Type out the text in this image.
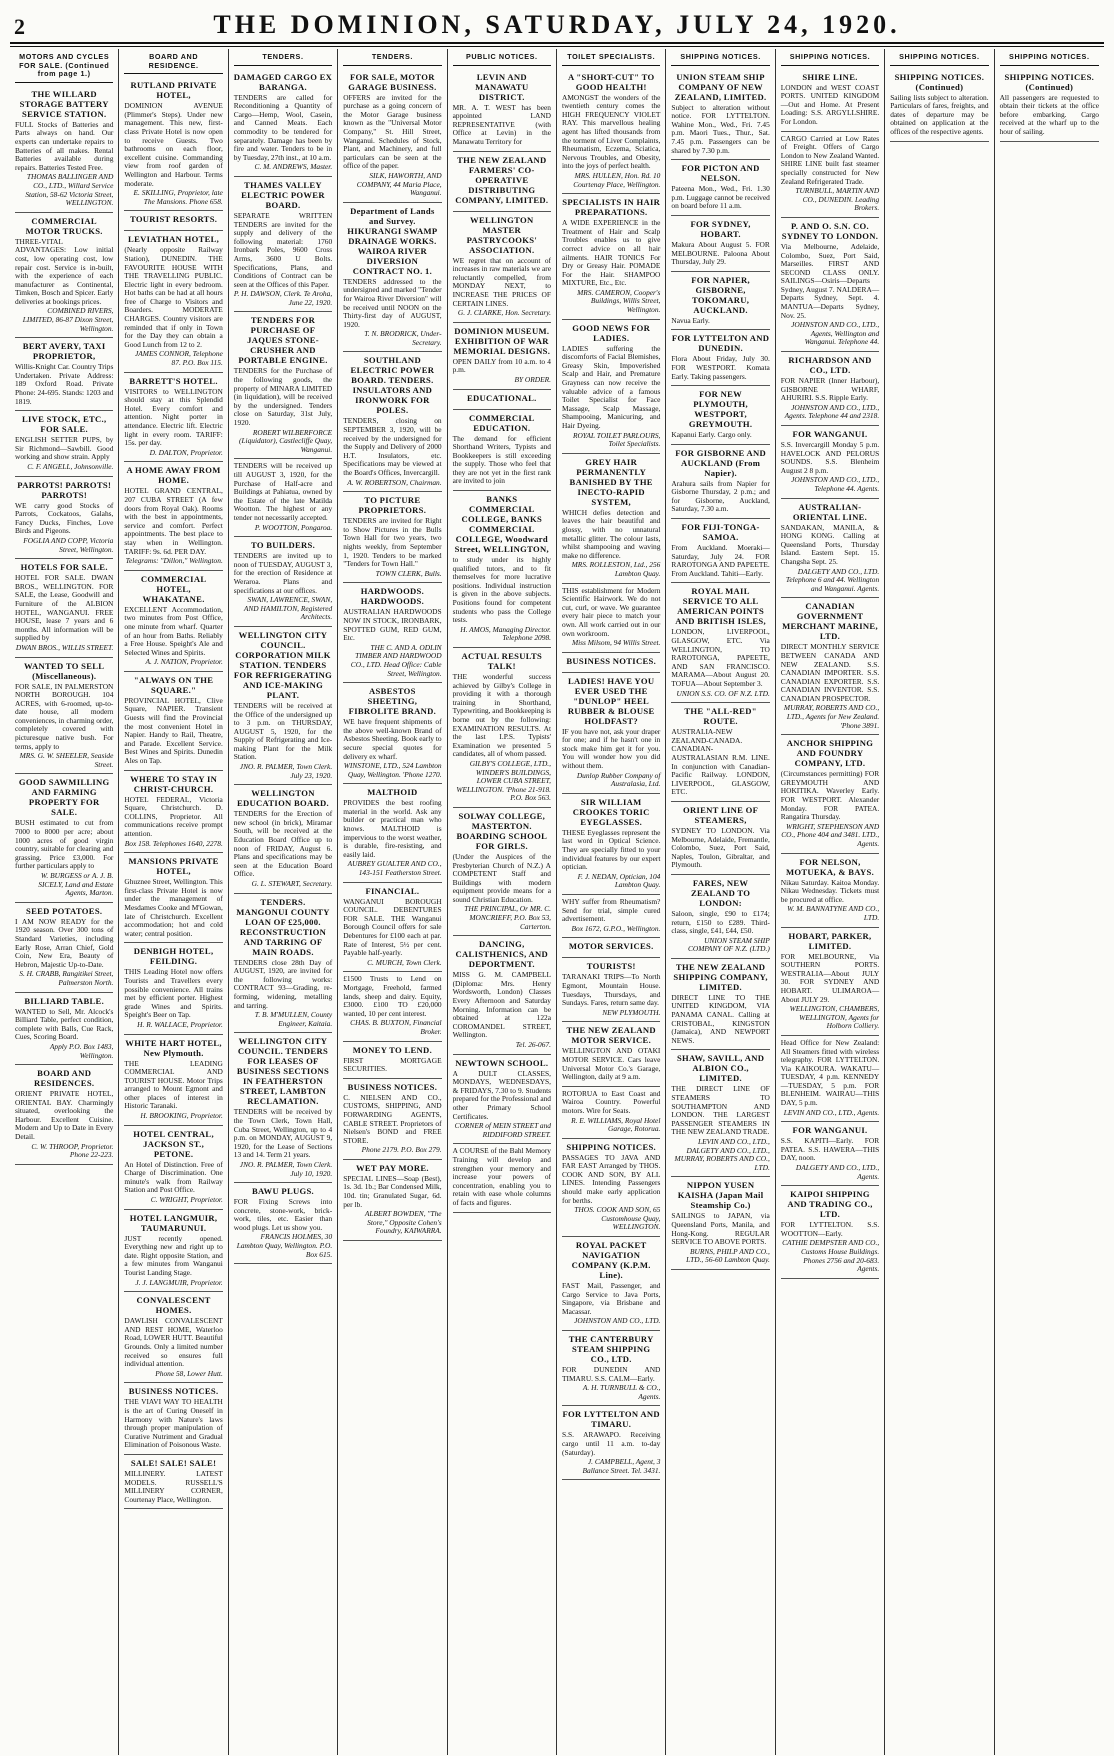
2	THE DOMINION, SATURDAY, JULY 24, 1920.
MOTORS AND CYCLES FOR SALE. (Continued from page 1.)
THE WILLARD STORAGE BATTERY SERVICE STATION.
FULL Stocks of Batteries and Parts always on hand. Our experts can undertake repairs to Batteries of all makes. Rental Batteries available during repairs. Batteries Tested Free.
THOMAS BALLINGER AND CO., LTD., Willard Service Station, 58-62 Victoria Street, WELLINGTON.
COMMERCIAL MOTOR TRUCKS.
THREE-VITAL ADVANTAGES: Low initial cost, low operating cost, low repair cost. Service is in-built, with the experience of each manufacturer as Continental, Timken, Bosch and Spicer. Early deliveries at bookings prices.
COMBINED RIVERS, LIMITED, 86-87 Dixon Street, Wellington.
BERT AVERY, TAXI PROPRIETOR,
Willis-Knight Car. Country Trips Undertaken. Private Address: 189 Oxford Road. Private Phone: 24-695. Stands: 1203 and 1819.
LIVE STOCK, ETC., FOR SALE.
ENGLISH SETTER PUPS, by Sir Richmond—Sawbill. Good working and show strain. Apply
C. F. ANGELL, Johnsonville.
PARROTS! PARROTS! PARROTS!
WE carry good Stocks of Parrots, Cockatoos, Galahs, Fancy Ducks, Finches, Love Birds and Pigeons.
FOGLIA AND COPP, Victoria Street, Wellington.
HOTELS FOR SALE.
HOTEL FOR SALE. DWAN BROS., WELLINGTON. FOR SALE, the Lease, Goodwill and Furniture of the ALBION HOTEL, WANGANUI. FREE HOUSE, lease 7 years and 6 months. All information will be supplied by
DWAN BROS., WILLIS STREET.
WANTED TO SELL (Miscellaneous).
FOR SALE, IN PALMERSTON NORTH BOROUGH. 104 ACRES, with 6-roomed, up-to-date house, all modern conveniences, in charming order, completely covered with picturesque native bush. For terms, apply to
MRS. G. W. SHEELER, Seaside Street.
GOOD SAWMILLING AND FARMING PROPERTY FOR SALE.
BUSH estimated to cut from 7000 to 8000 per acre; about 1000 acres of good virgin country, suitable for clearing and grassing. Price £3,000. For further particulars apply to
W. BURGESS or A. J. B. SICELY, Land and Estate Agents, Marton.
SEED POTATOES.
I AM NOW READY for the 1920 season. Over 300 tons of Standard Varieties, including Early Rose, Arran Chief, Gold Coin, New Era, Beauty of Hebron, Majestic Up-to-Date.
S. H. CRABB, Rangitikei Street, Palmerston North.
BILLIARD TABLE.
WANTED to Sell, Mr. Alcock's Billiard Table, perfect condition, complete with Balls, Cue Rack, Cues, Scoring Board.
Apply P.O. Box 1483, Wellington.
BOARD AND RESIDENCES.
ORIENT PRIVATE HOTEL, ORIENTAL BAY. Charmingly situated, overlooking the Harbour. Excellent Cuisine. Modern and Up to Date in Every Detail.
C. W. THROOP, Proprietor. Phone 22-223.
BOARD AND RESIDENCE.
RUTLAND PRIVATE HOTEL,
DOMINION AVENUE (Plimmer's Steps). Under new management. This new, first-class Private Hotel is now open to receive Guests. Two bathrooms on each floor, excellent cuisine. Commanding view from roof garden of Wellington and Harbour. Terms moderate.
E. SKILLING, Proprietor, late The Mansions. Phone 658.
TOURIST RESORTS.
LEVIATHAN HOTEL,
(Nearly opposite Railway Station), DUNEDIN. THE FAVOURITE HOUSE WITH THE TRAVELLING PUBLIC. Electric light in every bedroom. Hot baths can be had at all hours free of Charge to Visitors and Boarders. MODERATE CHARGES. Country visitors are reminded that if only in Town for the Day they can obtain a Good Lunch from 12 to 2.
JAMES CONNOR, Telephone 87. P.O. Box 115.
BARRETT'S HOTEL.
VISITORS to WELLINGTON should stay at this Splendid Hotel. Every comfort and attention. Night porter in attendance. Electric lift. Electric light in every room. TARIFF: 15s. per day.
D. DALTON, Proprietor.
A HOME AWAY FROM HOME.
HOTEL GRAND CENTRAL, 207 CUBA STREET (A few doors from Royal Oak). Rooms with the best in appointments, service and comfort. Perfect appointments. The best place to stay when in Wellington. TARIFF: 9s. 6d. PER DAY.
Telegrams: "Dillon," Wellington.
COMMERCIAL HOTEL, WHAKATANE.
EXCELLENT Accommodation, two minutes from Post Office, one minute from wharf. Quarter of an hour from Baths. Reliably a Free House. Speight's Ale and Selected Wines and Spirits.
A. J. NATION, Proprietor.
"ALWAYS ON THE SQUARE."
PROVINCIAL HOTEL, Clive Square, NAPIER. Transient Guests will find the Provincial the most convenient Hotel in Napier. Handy to Rail, Theatre, and Parade. Excellent Service. Best Wines and Spirits. Dunedin Ales on Tap.
WHERE TO STAY IN CHRIST-CHURCH.
HOTEL FEDERAL, Victoria Square, Christchurch. D. COLLINS, Proprietor. All communications receive prompt attention.
Box 158. Telephones 1640, 2278.
MANSIONS PRIVATE HOTEL,
Ghuznee Street, Wellington. This first-class Private Hotel is now under the management of Mesdames Cooke and M'Gowan, late of Christchurch. Excellent accommodation; hot and cold water; central position.
DENBIGH HOTEL, FEILDING.
THIS Leading Hotel now offers Tourists and Travellers every possible convenience. All trains met by efficient porter. Highest grade Wines and Spirits. Speight's Beer on Tap.
H. R. WALLACE, Proprietor.
WHITE HART HOTEL, New Plymouth.
THE LEADING COMMERCIAL AND TOURIST HOUSE. Motor Trips arranged to Mount Egmont and other places of interest in Historic Taranaki.
H. BROOKING, Proprietor.
HOTEL CENTRAL, JACKSON ST., PETONE.
An Hotel of Distinction. Free of Charge of Discrimination. One minute's walk from Railway Station and Post Office.
C. WRIGHT, Proprietor.
HOTEL LANGMUIR, TAUMARUNUI.
JUST recently opened. Everything new and right up to date. Right opposite Station, and a few minutes from Wanganui Tourist Landing Stage.
J. J. LANGMUIR, Proprietor.
CONVALESCENT HOMES.
DAWLISH CONVALESCENT AND REST HOME, Waterloo Road, LOWER HUTT. Beautiful Grounds. Only a limited number received so ensures full individual attention.
Phone 58, Lower Hutt.
BUSINESS NOTICES.
THE VIAVI WAY TO HEALTH is the art of Curing Oneself in Harmony with Nature's laws through proper manipulation of Curative Nutriment and Gradual Elimination of Poisonous Waste.
SALE! SALE! SALE!
MILLINERY. LATEST MODELS. RUSSELL'S MILLINERY CORNER, Courtenay Place, Wellington.
TENDERS.
DAMAGED CARGO EX BARANGA.
TENDERS are called for Reconditioning a Quantity of Cargo—Hemp, Wool, Casein, and Canned Meats. Each commodity to be tendered for separately. Damage has been by fire and water. Tenders to be in by Tuesday, 27th inst., at 10 a.m.
C. M. ANDREWS, Master.
THAMES VALLEY ELECTRIC POWER BOARD.
SEPARATE WRITTEN TENDERS are invited for the supply and delivery of the following material: 1760 Ironbark Poles, 9600 Cross Arms, 3600 U Bolts. Specifications, Plans, and Conditions of Contract can be seen at the Offices of this Paper.
P. H. DAWSON, Clerk. Te Aroha, June 22, 1920.
TENDERS FOR PURCHASE OF JAQUES STONE-CRUSHER AND PORTABLE ENGINE.
TENDERS for the Purchase of the following goods, the property of MINARA LIMITED (in liquidation), will be received by the undersigned. Tenders close on Saturday, 31st July, 1920.
ROBERT WILBERFORCE (Liquidator), Castlecliffe Quay, Wanganui.
TENDERS will be received up till AUGUST 3, 1920, for the Purchase of Half-acre and Buildings at Pahiatua, owned by the Estate of the late Matilda Wootton. The highest or any tender not necessarily accepted.
P. WOOTTON, Pongaroa.
TO BUILDERS.
TENDERS are invited up to noon of TUESDAY, AUGUST 3, for the erection of Residence at Weraroa. Plans and specifications at our offices.
SWAN, LAWRENCE, SWAN, AND HAMILTON, Registered Architects.
WELLINGTON CITY COUNCIL. CORPORATION MILK STATION. TENDERS FOR REFRIGERATING AND ICE-MAKING PLANT.
TENDERS will be received at the Office of the undersigned up to 3 p.m. on THURSDAY, AUGUST 5, 1920, for the Supply of Refrigerating and Ice-making Plant for the Milk Station.
JNO. R. PALMER, Town Clerk. July 23, 1920.
WELLINGTON EDUCATION BOARD.
TENDERS for the Erection of new school (in brick), Miramar South, will be received at the Education Board Office up to noon of FRIDAY, August 6. Plans and specifications may be seen at the Education Board Office.
G. L. STEWART, Secretary.
TENDERS. MANGONUI COUNTY LOAN OF £25,000. RECONSTRUCTION AND TARRING OF MAIN ROADS.
TENDERS close 28th Day of AUGUST, 1920, are invited for the following works: CONTRACT 93—Grading, re-forming, widening, metalling and tarring.
T. B. M'MULLEN, County Engineer, Kaitaia.
WELLINGTON CITY COUNCIL. TENDERS FOR LEASES OF BUSINESS SECTIONS IN FEATHERSTON STREET, LAMBTON RECLAMATION.
TENDERS will be received by the Town Clerk, Town Hall, Cuba Street, Wellington, up to 4 p.m. on MONDAY, AUGUST 9, 1920, for the Lease of Sections 13 and 14. Term 21 years.
JNO. R. PALMER, Town Clerk. July 10, 1920.
BAWU PLUGS.
FOR Fixing Screws into concrete, stone-work, brick-work, tiles, etc. Easier than wood plugs. Let us show you.
FRANCIS HOLMES, 30 Lambton Quay, Wellington. P.O. Box 615.
TENDERS.
FOR SALE, MOTOR GARAGE BUSINESS.
OFFERS are invited for the purchase as a going concern of the Motor Garage business known as the "Universal Motor Company," St. Hill Street, Wanganui. Schedules of Stock, Plant, and Machinery, and full particulars can be seen at the office of the paper.
SILK, HAWORTH, AND COMPANY, 44 Maria Place, Wanganui.
Department of Lands and Survey. HIKURANGI SWAMP DRAINAGE WORKS. WAIROA RIVER DIVERSION CONTRACT NO. 1.
TENDERS addressed to the undersigned and marked "Tender for Wairoa River Diversion" will be received until NOON on the Thirty-first day of AUGUST, 1920.
T. N. BRODRICK, Under-Secretary.
SOUTHLAND ELECTRIC POWER BOARD. TENDERS. INSULATORS AND IRONWORK FOR POLES.
TENDERS, closing on SEPTEMBER 3, 1920, will be received by the undersigned for the Supply and Delivery of 2000 H.T. Insulators, etc. Specifications may be viewed at the Board's Offices, Invercargill.
A. W. ROBERTSON, Chairman.
TO PICTURE PROPRIETORS.
TENDERS are invited for Right to Show Pictures in the Bulls Town Hall for two years, two nights weekly, from September 1, 1920. Tenders to be marked "Tenders for Town Hall."
TOWN CLERK, Bulls.
HARDWOODS. HARDWOODS.
AUSTRALIAN HARDWOODS NOW IN STOCK, IRONBARK, SPOTTED GUM, RED GUM, Etc.
THE C. AND A. ODLIN TIMBER AND HARDWOOD CO., LTD. Head Office: Cable Street, Wellington.
ASBESTOS SHEETING, FIBROLITE BRAND.
WE have frequent shipments of the above well-known Brand of Asbestos Sheeting. Book early to secure special quotes for delivery ex wharf.
WINSTONE, LTD., 524 Lambton Quay, Wellington. 'Phone 1270.
MALTHOID
PROVIDES the best roofing material in the world. Ask any builder or practical man who knows. MALTHOID is impervious to the worst weather, is durable, fire-resisting, and easily laid.
AUBREY GUALTER AND CO., 143-151 Featherston Street.
FINANCIAL.
WANGANUI BOROUGH COUNCIL. DEBENTURES FOR SALE. THE Wanganui Borough Council offers for sale Debentures for £100 each at par. Rate of Interest, 5½ per cent. Payable half-yearly.
C. MURCH, Town Clerk.
£1500 Trusts to Lend on Mortgage, Freehold, farmed lands, sheep and dairy. Equity, £3000. £100 TO £20,000 wanted, 10 per cent interest.
CHAS. B. BUXTON, Financial Broker.
MONEY TO LEND.
FIRST MORTGAGE SECURITIES.
BUSINESS NOTICES.
C. NIELSEN AND CO., CUSTOMS, SHIPPING, AND FORWARDING AGENTS, CABLE STREET. Proprietors of Nielsen's BOND and FREE STORE.
Phone 2179. P.O. Box 279.
WET PAY MORE.
SPECIAL LINES—Soap (Best), 1s. 3d. 1b.; Bar Condensed Milk, 10d. tin; Granulated Sugar, 6d. per lb.
ALBERT BOWDEN, "The Store," Opposite Cohen's Foundry, KAIWARRA.
PUBLIC NOTICES.
LEVIN AND MANAWATU DISTRICT.
MR. A. T. WEST has been appointed LAND REPRESENTATIVE (with Office at Levin) in the Manawatu Territory for
THE NEW ZEALAND FARMERS' CO-OPERATIVE DISTRIBUTING COMPANY, LIMITED.
WELLINGTON MASTER PASTRYCOOKS' ASSOCIATION.
WE regret that on account of increases in raw materials we are reluctantly compelled, from MONDAY NEXT, to INCREASE THE PRICES OF CERTAIN LINES.
G. J. CLARKE, Hon. Secretary.
DOMINION MUSEUM. EXHIBITION OF WAR MEMORIAL DESIGNS.
OPEN DAILY from 10 a.m. to 4 p.m.
BY ORDER.
EDUCATIONAL.
COMMERCIAL EDUCATION.
The demand for efficient Shorthand Writers, Typists and Bookkeepers is still exceeding the supply. Those who feel that they are not yet in the first rank are invited to join
BANKS COMMERCIAL COLLEGE, BANKS COMMERCIAL COLLEGE, Woodward Street, WELLINGTON,
to study under its highly qualified tutors, and to fit themselves for more lucrative positions. Individual instruction is given in the above subjects. Positions found for competent students who pass the College tests.
H. AMOS, Managing Director. Telephone 2098.
ACTUAL RESULTS TALK!
THE wonderful success achieved by Gilby's College in providing it with a thorough training in Shorthand, Typewriting, and Bookkeeping is borne out by the following: EXAMINATION RESULTS. At the last I.P.S. Typists' Examination we presented 5 candidates, all of whom passed.
GILBY'S COLLEGE, LTD., WINDER'S BUILDINGS, LOWER CUBA STREET, WELLINGTON. 'Phone 21-918. P.O. Box 563.
SOLWAY COLLEGE, MASTERTON. BOARDING SCHOOL FOR GIRLS.
(Under the Auspices of the Presbyterian Church of N.Z.) A COMPETENT Staff and Buildings with modern equipment provide means for a sound Christian Education.
THE PRINCIPAL, Or MR. C. MONCRIEFF, P.O. Box 53, Carterton.
DANCING, CALISTHENICS, AND DEPORTMENT.
MISS G. M. CAMPBELL (Diploma: Mrs. Henry Wordsworth, London) Classes Every Afternoon and Saturday Morning. Information can be obtained at 122a COROMANDEL STREET, Wellington.
Tel. 26-067.
NEWTOWN SCHOOL.
A DULT CLASSES, MONDAYS, WEDNESDAYS, & FRIDAYS, 7.30 to 9. Students prepared for the Professional and other Primary School Certificates.
CORNER of MEIN STREET and RIDDIFORD STREET.
A COURSE of the Bahl Memory Training will develop and strengthen your memory and increase your powers of concentration, enabling you to retain with ease whole columns of facts and figures.
TOILET SPECIALISTS.
A "SHORT-CUT" TO GOOD HEALTH!
AMONGST the wonders of the twentieth century comes the HIGH FREQUENCY VIOLET RAY. This marvellous healing agent has lifted thousands from the torment of Liver Complaints, Rheumatism, Eczema, Sciatica, Nervous Troubles, and Obesity, into the joys of perfect health.
MRS. HULLEN, Hon. Rd. 10 Courtenay Place, Wellington.
SPECIALISTS IN HAIR PREPARATIONS.
A WIDE EXPERIENCE in the Treatment of Hair and Scalp Troubles enables us to give correct advice on all hair ailments. HAIR TONICS For Dry or Greasy Hair. POMADE For the Hair. SHAMPOO MIXTURE, Etc., Etc.
MRS. CAMERON, Cooper's Buildings, Willis Street, Wellington.
GOOD NEWS FOR LADIES.
LADIES suffering the discomforts of Facial Blemishes, Greasy Skin, Impoverished Scalp and Hair, and Premature Grayness can now receive the valuable advice of a famous Toilet Specialist for Face Massage, Scalp Massage, Shampooing, Manicuring, and Hair Dyeing.
ROYAL TOILET PARLOURS, Toilet Specialists.
GREY HAIR PERMANENTLY BANISHED BY THE INECTO-RAPID SYSTEM,
WHICH defies detection and leaves the hair beautiful and glossy, with no unnatural metallic glitter. The colour lasts, whilst shampooing and waving make no difference.
MRS. ROLLESTON, Ltd., 256 Lambton Quay.
THIS establishment for Modern Scientific Hairwork. We do not cut, curl, or wave. We guarantee every hair piece to match your own. All work carried out in our own workroom.
Miss Milsom, 94 Willis Street.
BUSINESS NOTICES.
LADIES! HAVE YOU EVER USED THE "DUNLOP" HEEL RUBBER & BLOUSE HOLDFAST?
IF you have not, ask your draper for one; and if he hasn't one in stock make him get it for you. You will wonder how you did without them.
Dunlop Rubber Company of Australasia, Ltd.
SIR WILLIAM CROOKES TORIC EYEGLASSES.
THESE Eyeglasses represent the last word in Optical Science. They are specially fitted to your individual features by our expert optician.
F. J. NEDAN, Optician, 104 Lambton Quay.
WHY suffer from Rheumatism? Send for trial, simple cured advertisement.
Box 1672, G.P.O., Wellington.
MOTOR SERVICES.
TOURISTS!
TARANAKI TRIPS—To North Egmont, Mountain House. Tuesdays, Thursdays, and Sundays. Fares, return same day.
NEW PLYMOUTH.
THE NEW ZEALAND MOTOR SERVICE.
WELLINGTON AND OTAKI MOTOR SERVICE. Cars leave Universal Motor Co.'s Garage, Wellington, daily at 9 a.m.
ROTORUA to East Coast and Wairoa Country. Powerful motors. Wire for Seats.
R. E. WILLIAMS, Royal Hotel Garage, Rotorua.
SHIPPING NOTICES.
PASSAGES TO JAVA AND FAR EAST Arranged by THOS. COOK AND SON, BY ALL LINES. Intending Passengers should make early application for berths.
THOS. COOK AND SON, 65 Customhouse Quay, WELLINGTON.
ROYAL PACKET NAVIGATION COMPANY (K.P.M. Line).
FAST Mail, Passenger, and Cargo Service to Java Ports, Singapore, via Brisbane and Macassar.
JOHNSTON AND CO., LTD.
THE CANTERBURY STEAM SHIPPING CO., LTD.
FOR DUNEDIN AND TIMARU. S.S. CALM—Early.
A. H. TURNBULL & CO., Agents.
FOR LYTTELTON AND TIMARU.
S.S. ARAWAPO. Receiving cargo until 11 a.m. to-day (Saturday).
J. CAMPBELL, Agent, 3 Ballance Street. Tel. 3431.
SHIPPING NOTICES.
UNION STEAM SHIP COMPANY OF NEW ZEALAND, LIMITED.
Subject to alteration without notice. FOR LYTTELTON. Wahine Mon., Wed., Fri. 7.45 p.m. Maori Tues., Thur., Sat. 7.45 p.m. Passengers can be shared by 7.30 p.m.
FOR PICTON AND NELSON.
Pateena Mon., Wed., Fri. 1.30 p.m. Luggage cannot be received on board before 11 a.m.
FOR SYDNEY, HOBART.
Makura About August 5. FOR MELBOURNE. Paloona About Thursday, July 29.
FOR NAPIER, GISBORNE, TOKOMARU, AUCKLAND.
Navua Early.
FOR LYTTELTON AND DUNEDIN.
Flora About Friday, July 30. FOR WESTPORT. Komata Early. Taking passengers.
FOR NEW PLYMOUTH, WESTPORT, GREYMOUTH.
Kapanui Early. Cargo only.
FOR GISBORNE AND AUCKLAND (From Napier).
Arahura sails from Napier for Gisborne Thursday, 2 p.m.; and for Gisborne, Auckland, Saturday, 7.30 a.m.
FOR FIJI-TONGA-SAMOA.
From Auckland. Moeraki—Saturday, July 24. FOR RAROTONGA AND PAPEETE. From Auckland. Tahiti—Early.
ROYAL MAIL SERVICE TO ALL AMERICAN POINTS AND BRITISH ISLES,
LONDON, LIVERPOOL, GLASGOW, ETC. Via WELLINGTON, TO RAROTONGA, PAPEETE, AND SAN FRANCISCO. MARAMA—About August 20. TOFUA—About September 3.
UNION S.S. CO. OF N.Z. LTD.
THE "ALL-RED" ROUTE.
AUSTRALIA-NEW ZEALAND-CANADA. CANADIAN-AUSTRALASIAN R.M. LINE. In conjunction with Canadian-Pacific Railway. LONDON, LIVERPOOL, GLASGOW, ETC.
ORIENT LINE OF STEAMERS,
SYDNEY TO LONDON. Via Melbourne, Adelaide, Fremantle, Colombo, Suez, Port Said, Naples, Toulon, Gibraltar, and Plymouth.
FARES, NEW ZEALAND TO LONDON:
Saloon, single, £90 to £174; return, £150 to £289. Third-class, single, £41, £44, £50.
UNION STEAM SHIP COMPANY OF N.Z. (LTD.)
THE NEW ZEALAND SHIPPING COMPANY, LIMITED.
DIRECT LINE TO THE UNITED KINGDOM, VIA PANAMA CANAL. Calling at CRISTOBAL, KINGSTON (Jamaica), AND NEWPORT NEWS.
SHAW, SAVILL, AND ALBION CO., LIMITED.
THE DIRECT LINE OF STEAMERS TO SOUTHAMPTON AND LONDON. THE LARGEST PASSENGER STEAMERS IN THE NEW ZEALAND TRADE.
LEVIN AND CO., LTD., DALGETY AND CO., LTD., MURRAY, ROBERTS AND CO., LTD.
NIPPON YUSEN KAISHA (Japan Mail Steamship Co.)
SAILINGS to JAPAN, via Queensland Ports, Manila, and Hong-Kong. REGULAR SERVICE TO ABOVE PORTS.
BURNS, PHILP AND CO., LTD., 56-60 Lambton Quay.
SHIPPING NOTICES.
SHIRE LINE.
LONDON and WEST COAST PORTS. UNITED KINGDOM—Out and Home. At Present Loading: S.S. ARGYLLSHIRE. For London.
CARGO Carried at Low Rates of Freight. Offers of Cargo London to New Zealand Wanted. SHIRE LINE built fast steamer specially constructed for New Zealand Refrigerated Trade.
TURNBULL, MARTIN AND CO., DUNEDIN. Leading Brokers.
P. AND O. S.N. CO. SYDNEY TO LONDON.
Via Melbourne, Adelaide, Colombo, Suez, Port Said, Marseilles. FIRST AND SECOND CLASS ONLY. SAILINGS—Osiris—Departs Sydney, August 7. NALDERA—Departs Sydney, Sept. 4. MANTUA—Departs Sydney, Nov. 25.
JOHNSTON AND CO., LTD., Agents, Wellington and Wanganui. Telephone 44.
RICHARDSON AND CO., LTD.
FOR NAPIER (Inner Harbour), GISBORNE WHARF, AHURIRI. S.S. Ripple Early.
JOHNSTON AND CO., LTD., Agents. Telephone 44 and 2318.
FOR WANGANUI.
S.S. Invercargill Monday 5 p.m. HAVELOCK AND PELORUS SOUNDS. S.S. Blenheim August 2 8 p.m.
JOHNSTON AND CO., LTD., Telephone 44. Agents.
AUSTRALIAN-ORIENTAL LINE.
SANDAKAN, MANILA, & HONG KONG. Calling at Queensland Ports, Thursday Island. Eastern Sept. 15. Changsha Sept. 25.
DALGETY AND CO., LTD. Telephone 6 and 44. Wellington and Wanganui. Agents.
CANADIAN GOVERNMENT MERCHANT MARINE, LTD.
DIRECT MONTHLY SERVICE BETWEEN CANADA AND NEW ZEALAND. S.S. CANADIAN IMPORTER. S.S. CANADIAN EXPORTER. S.S. CANADIAN INVENTOR. S.S. CANADIAN PROSPECTOR.
MURRAY, ROBERTS AND CO., LTD., Agents for New Zealand. 'Phone 3891.
ANCHOR SHIPPING AND FOUNDRY COMPANY, LTD.
(Circumstances permitting) FOR GREYMOUTH AND HOKITIKA. Waverley Early. FOR WESTPORT. Alexander Monday. FOR PATEA. Rangatira Thursday.
WRIGHT, STEPHENSON AND CO., Phone 404 and 3481. LTD., Agents.
FOR NELSON, MOTUEKA, & BAYS.
Nikau Saturday. Kaitoa Monday. Nikau Wednesday. Tickets must be procured at office.
W. M. BANNATYNE AND CO., LTD.
HOBART, PARKER, LIMITED.
FOR MELBOURNE, Via SOUTHERN PORTS. WESTRALIA—About JULY 30. FOR SYDNEY AND HOBART. ULIMAROA—About JULY 29.
WELLINGTON, CHAMBERS, WELLINGTON, Agents for Holborn Colliery.
Head Office for New Zealand: All Steamers fitted with wireless telegraphy. FOR LYTTELTON. Via KAIKOURA. WAKATU—TUESDAY, 4 p.m. KENNEDY—TUESDAY, 5 p.m. FOR BLENHEIM. WAIRAU—THIS DAY, 5 p.m.
LEVIN AND CO., LTD., Agents.
FOR WANGANUI.
S.S. KAPITI—Early. FOR PATEA. S.S. HAWERA—THIS DAY, noon.
DALGETY AND CO., LTD., Agents.
KAIPOI SHIPPING AND TRADING CO., LTD.
FOR LYTTELTON. S.S. WOOTTON—Early.
CATHIE DEMPSTER AND CO., Customs House Buildings. Phones 2756 and 20-683. Agents.
SHIPPING NOTICES.
SHIPPING NOTICES. (Continued)
Sailing lists subject to alteration. Particulars of fares, freights, and dates of departure may be obtained on application at the offices of the respective agents.
SHIPPING NOTICES.
SHIPPING NOTICES. (Continued)
All passengers are requested to obtain their tickets at the office before embarking. Cargo received at the wharf up to the hour of sailing.
